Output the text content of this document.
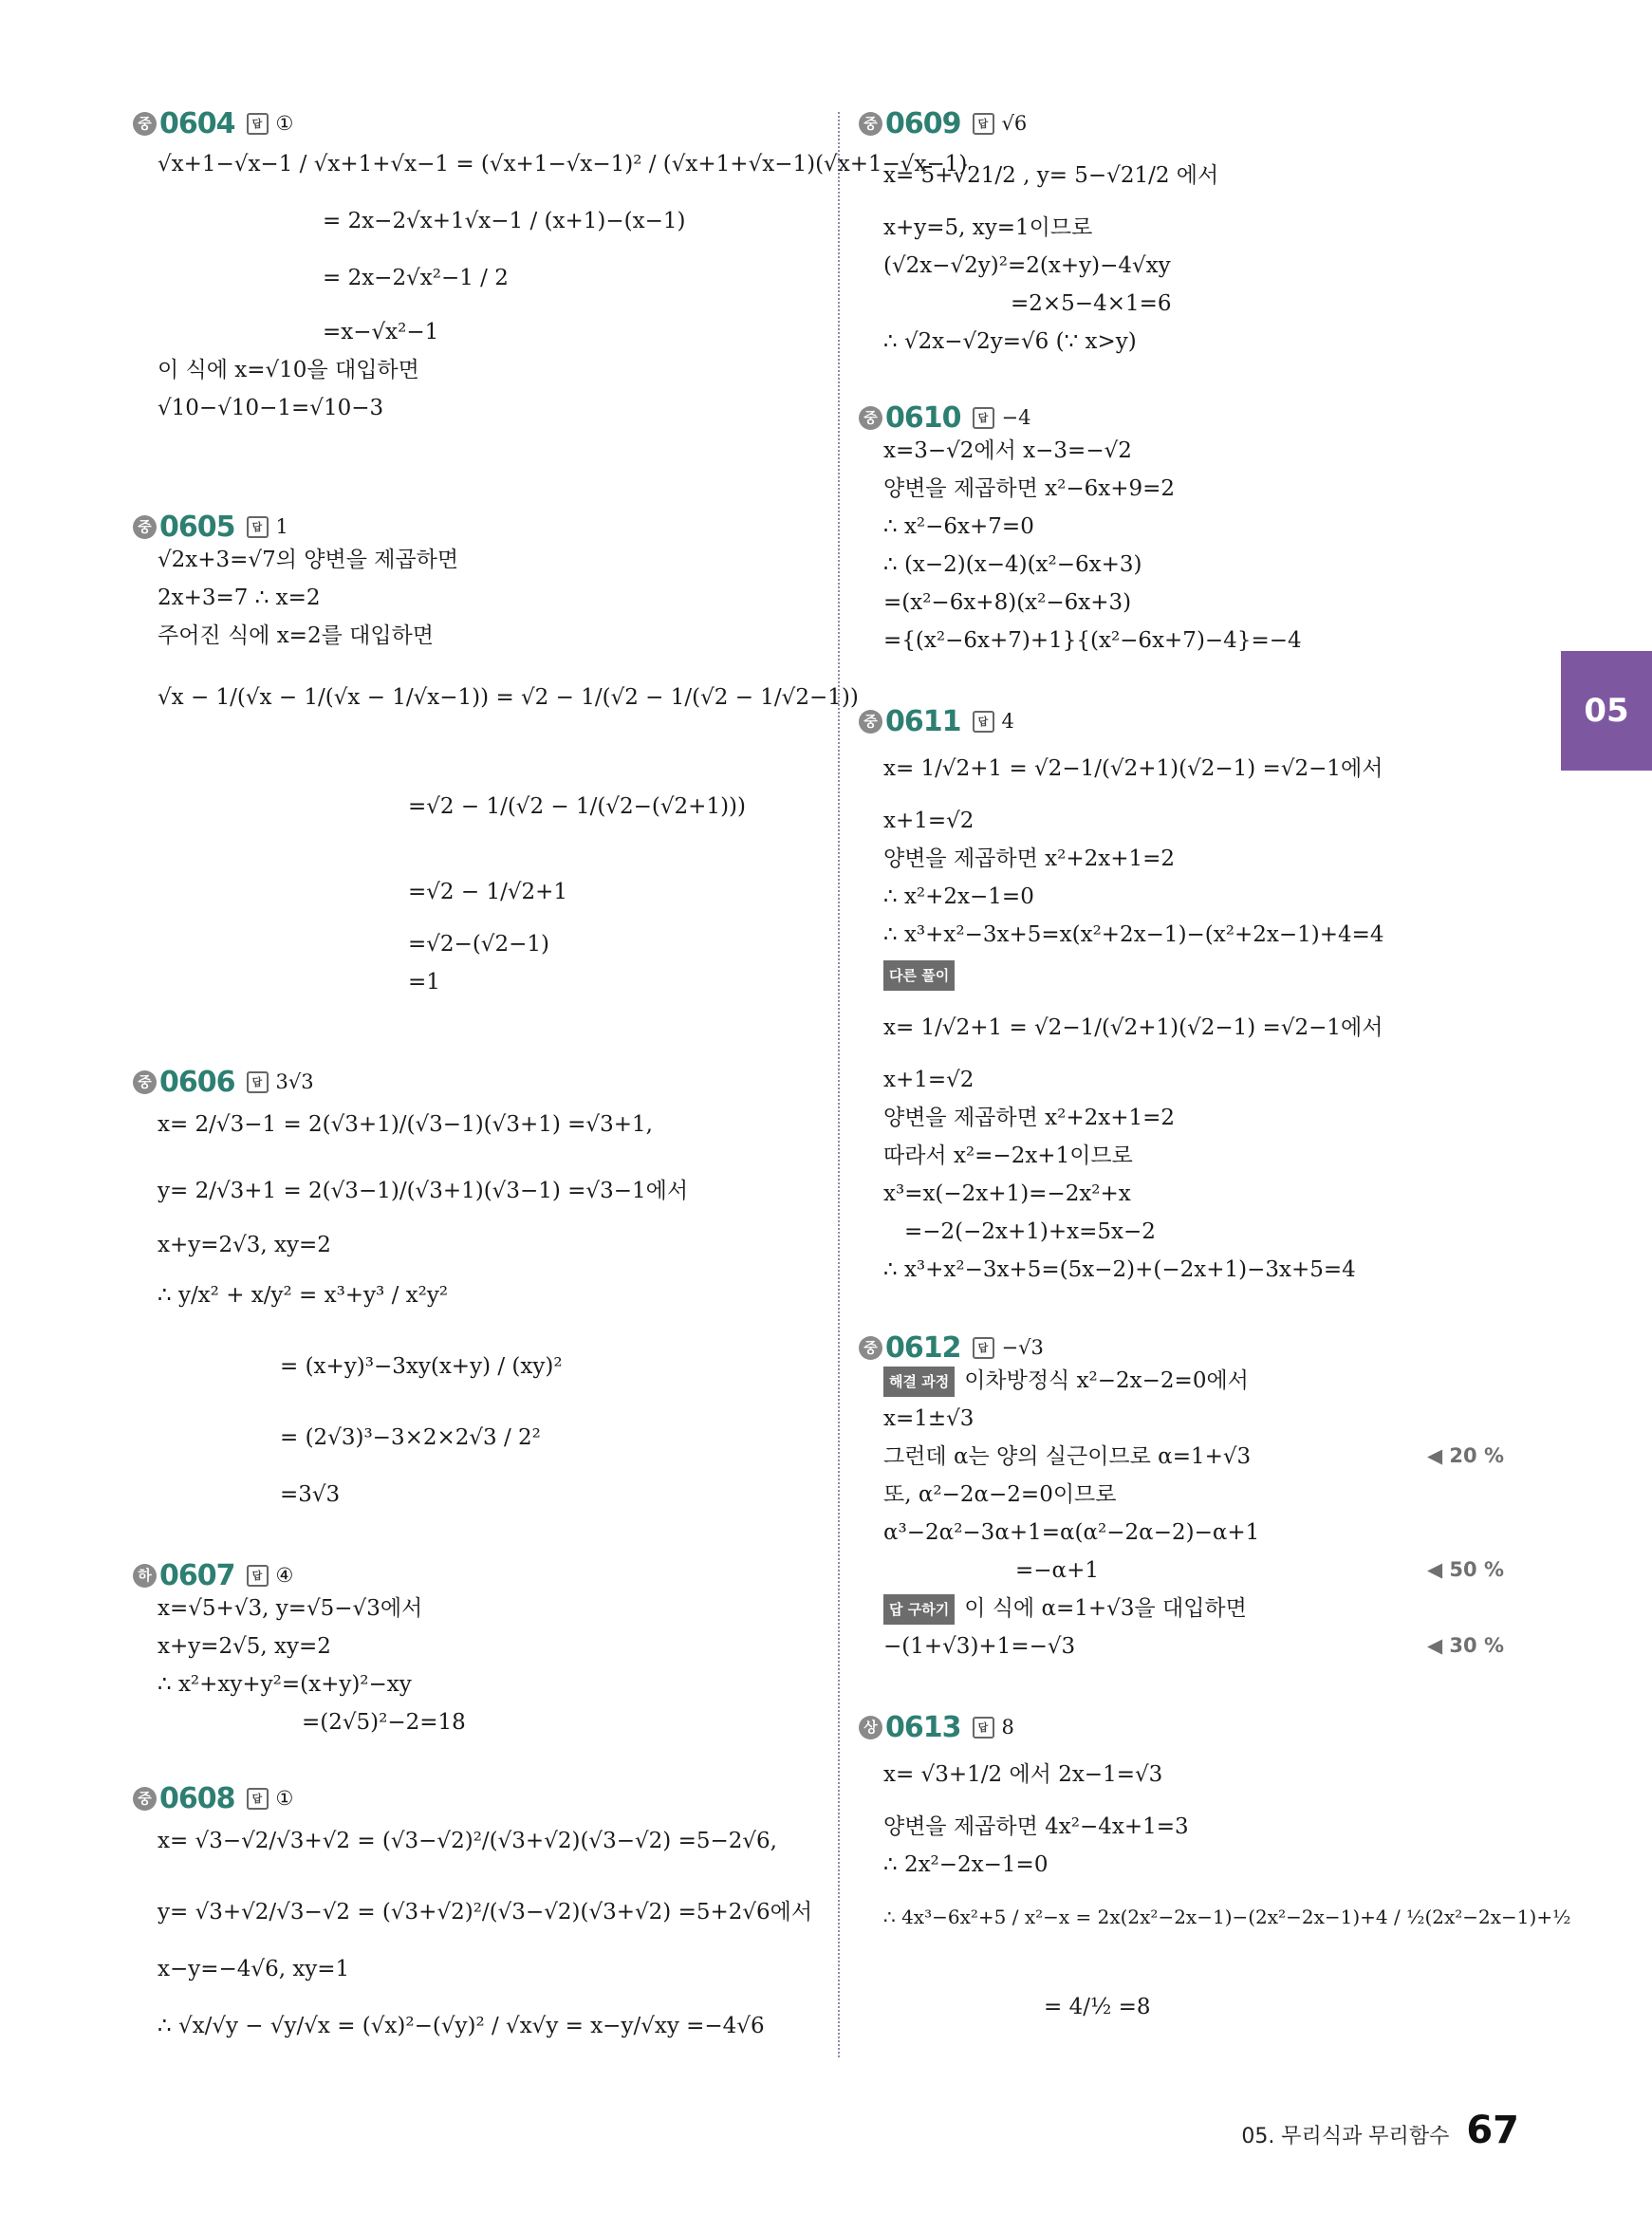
중 0604	답 ①
√x+1−√x−1 / √x+1+√x−1 = (√x+1−√x−1)² / (√x+1+√x−1)(√x+1−√x−1)
= 2x−2√x+1√x−1 / (x+1)−(x−1)
= 2x−2√x²−1 / 2
=x−√x²−1
이 식에 x=√10을 대입하면
√10−√10−1=√10−3
중 0605	답 1
√2x+3=√7의 양변을 제곱하면
2x+3=7 ∴ x=2
주어진 식에 x=2를 대입하면
√x − 1/(√x − 1/(√x − 1/√x−1)) = √2 − 1/(√2 − 1/(√2 − 1/√2−1))
=√2 − 1/(√2 − 1/(√2−(√2+1)))
=√2 − 1/√2+1
=√2−(√2−1)
=1
중 0606	답 3√3
x= 2/√3−1 = 2(√3+1)/(√3−1)(√3+1) =√3+1,
y= 2/√3+1 = 2(√3−1)/(√3+1)(√3−1) =√3−1에서
x+y=2√3, xy=2
∴ y/x² + x/y² = x³+y³ / x²y²
= (x+y)³−3xy(x+y) / (xy)²
= (2√3)³−3×2×2√3 / 2²
=3√3
하 0607	답 ④
x=√5+√3, y=√5−√3에서
x+y=2√5, xy=2
∴ x²+xy+y²=(x+y)²−xy
=(2√5)²−2=18
중 0608	답 ①
x= √3−√2/√3+√2 = (√3−√2)²/(√3+√2)(√3−√2) =5−2√6,
y= √3+√2/√3−√2 = (√3+√2)²/(√3−√2)(√3+√2) =5+2√6에서
x−y=−4√6, xy=1
∴ √x/√y − √y/√x = (√x)²−(√y)² / √x√y = x−y/√xy =−4√6
중 0609	답 √6
x= 5+√21/2 , y= 5−√21/2 에서
x+y=5, xy=1이므로
(√2x−√2y)²=2(x+y)−4√xy
=2×5−4×1=6
∴ √2x−√2y=√6 (∵ x>y)
중 0610	답 −4
x=3−√2에서 x−3=−√2
양변을 제곱하면 x²−6x+9=2
∴ x²−6x+7=0
∴ (x−2)(x−4)(x²−6x+3)
=(x²−6x+8)(x²−6x+3)
={(x²−6x+7)+1}{(x²−6x+7)−4}=−4
중 0611	답 4
x= 1/√2+1 = √2−1/(√2+1)(√2−1) =√2−1에서
x+1=√2
양변을 제곱하면 x²+2x+1=2
∴ x²+2x−1=0
∴ x³+x²−3x+5=x(x²+2x−1)−(x²+2x−1)+4=4
다른 풀이
x= 1/√2+1 = √2−1/(√2+1)(√2−1) =√2−1에서
x+1=√2
양변을 제곱하면 x²+2x+1=2
따라서 x²=−2x+1이므로
x³=x(−2x+1)=−2x²+x
=−2(−2x+1)+x=5x−2
∴ x³+x²−3x+5=(5x−2)+(−2x+1)−3x+5=4
중 0612	답 −√3
해결 과정 이차방정식 x²−2x−2=0에서
x=1±√3
그런데 α는 양의 실근이므로 α=1+√3	◀ 20 %
또, α²−2α−2=0이므로
α³−2α²−3α+1=α(α²−2α−2)−α+1
=−α+1	◀ 50 %
답 구하기 이 식에 α=1+√3을 대입하면
−(1+√3)+1=−√3	◀ 30 %
상 0613	답 8
x= √3+1/2 에서 2x−1=√3
양변을 제곱하면 4x²−4x+1=3
∴ 2x²−2x−1=0
∴ 4x³−6x²+5 / x²−x = 2x(2x²−2x−1)−(2x²−2x−1)+4 / ½(2x²−2x−1)+½
= 4/½ =8
05
05. 무리식과 무리함수 67
